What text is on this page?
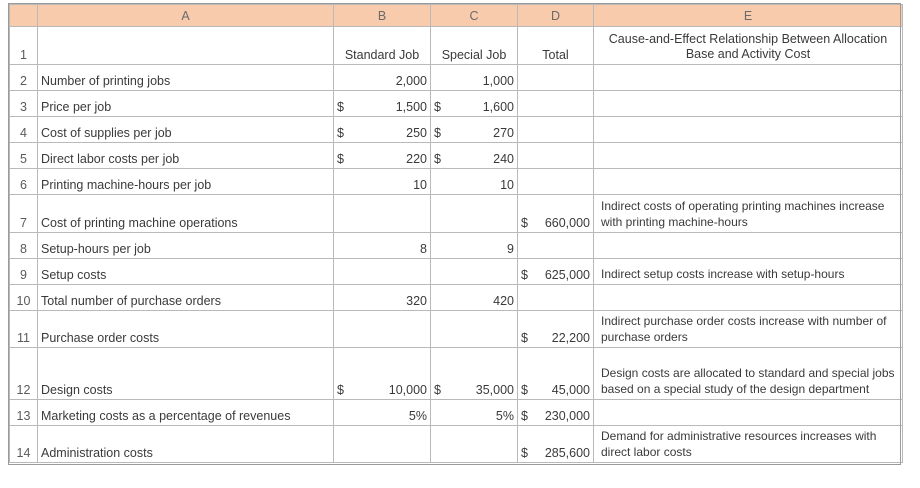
	A	B	C	D	E
1		Standard Job	Special Job	Total	Cause-and-Effect Relationship Between Allocation Base and Activity Cost
2	Number of printing jobs	2,000	1,000		

3	Price per job	$ 1,500	$ 1,600		

4	Cost of supplies per job	$ 250	$ 270		

5	Direct labor costs per job	$ 220	$ 240		

6	Printing machine-hours per job	10	10		

7	Cost of printing machine operations			$ 660,000	Indirect costs of operating printing machines increase with printing machine-hours
8	Setup-hours per job	8	9		

9	Setup costs			$ 625,000	Indirect setup costs increase with setup-hours
10	Total number of purchase orders	320	420		

11	Purchase order costs			$ 22,200	Indirect purchase order costs increase with number of purchase orders
12	Design costs	$ 10,000	$ 35,000	$ 45,000	Design costs are allocated to standard and special jobs based on a special study of the design department
13	Marketing costs as a percentage of revenues	5%	5%	$ 230,000	

14	Administration costs			$ 285,600	Demand for administrative resources increases with direct labor costs
